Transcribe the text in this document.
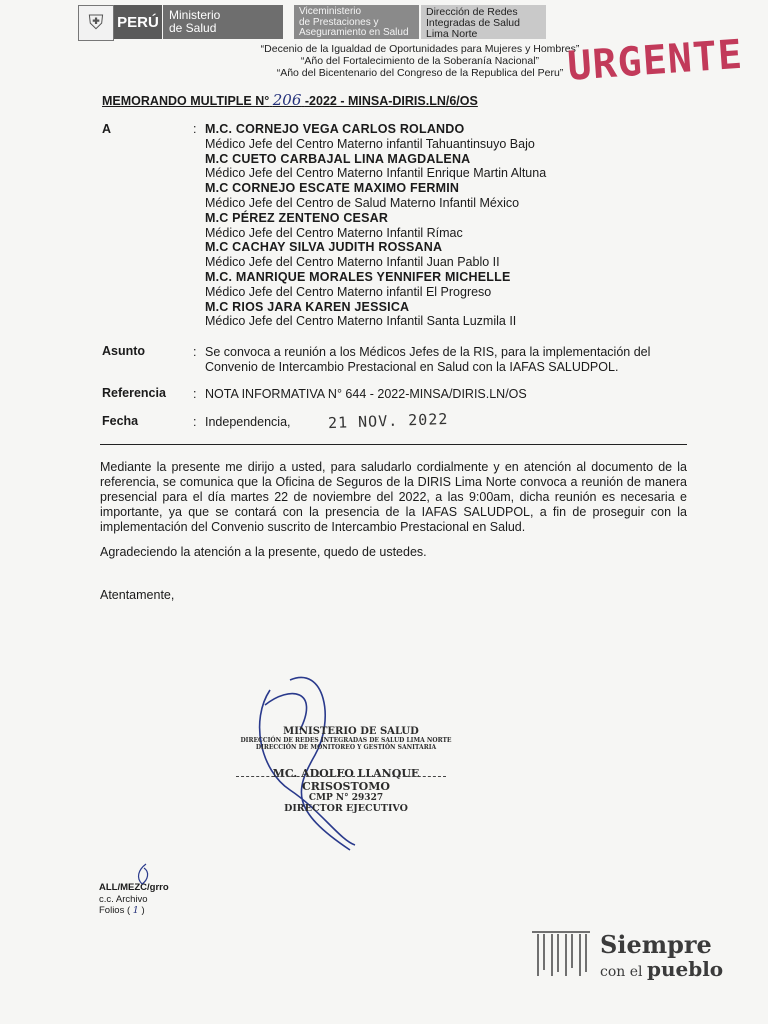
⛨ PERÚ Ministerio
de Salud
Viceministerio
de Prestaciones y
Aseguramiento en Salud
Dirección de Redes
Integradas de Salud
Lima Norte
“Decenio de la Igualdad de Oportunidades para Mujeres y Hombres”
“Año del Fortalecimiento de la Soberanía Nacional”
“Año del Bicentenario del Congreso de la Republica del Peru” URGENTE
MEMORANDO MULTIPLE N° 206 -2022 - MINSA-DIRIS.LN/6/OS
A	: M.C. CORNEJO VEGA CARLOS ROLANDO
Médico Jefe del Centro Materno infantil Tahuantinsuyo Bajo
M.C CUETO CARBAJAL LINA MAGDALENA
Médico Jefe del Centro Materno Infantil Enrique Martin Altuna
M.C CORNEJO ESCATE MAXIMO FERMIN
Médico Jefe del Centro de Salud Materno Infantil México
M.C PÉREZ ZENTENO CESAR
Médico Jefe del Centro Materno Infantil Rímac
M.C CACHAY SILVA JUDITH ROSSANA
Médico Jefe del Centro Materno Infantil Juan Pablo II
M.C. MANRIQUE MORALES YENNIFER MICHELLE
Médico Jefe del Centro Materno infantil El Progreso
M.C RIOS JARA KAREN JESSICA
Médico Jefe del Centro Materno Infantil Santa Luzmila II
Asunto	: Se convoca a reunión a los Médicos Jefes de la RIS, para la implementación del
Convenio de Intercambio Prestacional en Salud con la IAFAS SALUDPOL.
Referencia : NOTA INFORMATIVA N° 644 - 2022-MINSA/DIRIS.LN/OS
Fecha	: Independencia, 21 NOV. 2022
Mediante la presente me dirijo a usted, para saludarlo cordialmente y en atención al documento de la referencia, se comunica que la Oficina de Seguros de la DIRIS Lima Norte convoca a reunión de manera presencial para el día martes 22 de noviembre del 2022, a las 9:00am, dicha reunión es necesaria e importante, ya que se contará con la presencia de la IAFAS SALUDPOL, a fin de proseguir con la implementación del Convenio suscrito de Intercambio Prestacional en Salud.
Agradeciendo la atención a la presente, quedo de ustedes.
Atentamente,
MINISTERIO DE SALUD
DIRECCIÓN DE REDES INTEGRADAS DE SALUD LIMA NORTE
DIRECCIÓN DE MONITOREO Y GESTIÓN SANITARIA
MC. ADOLFO LLANQUE CRISOSTOMO
CMP N° 29327
DIRECTOR EJECUTIVO
ALL/MEZC/grro
c.c. Archivo
Folios ( 1 )
Siempre
con el pueblo
